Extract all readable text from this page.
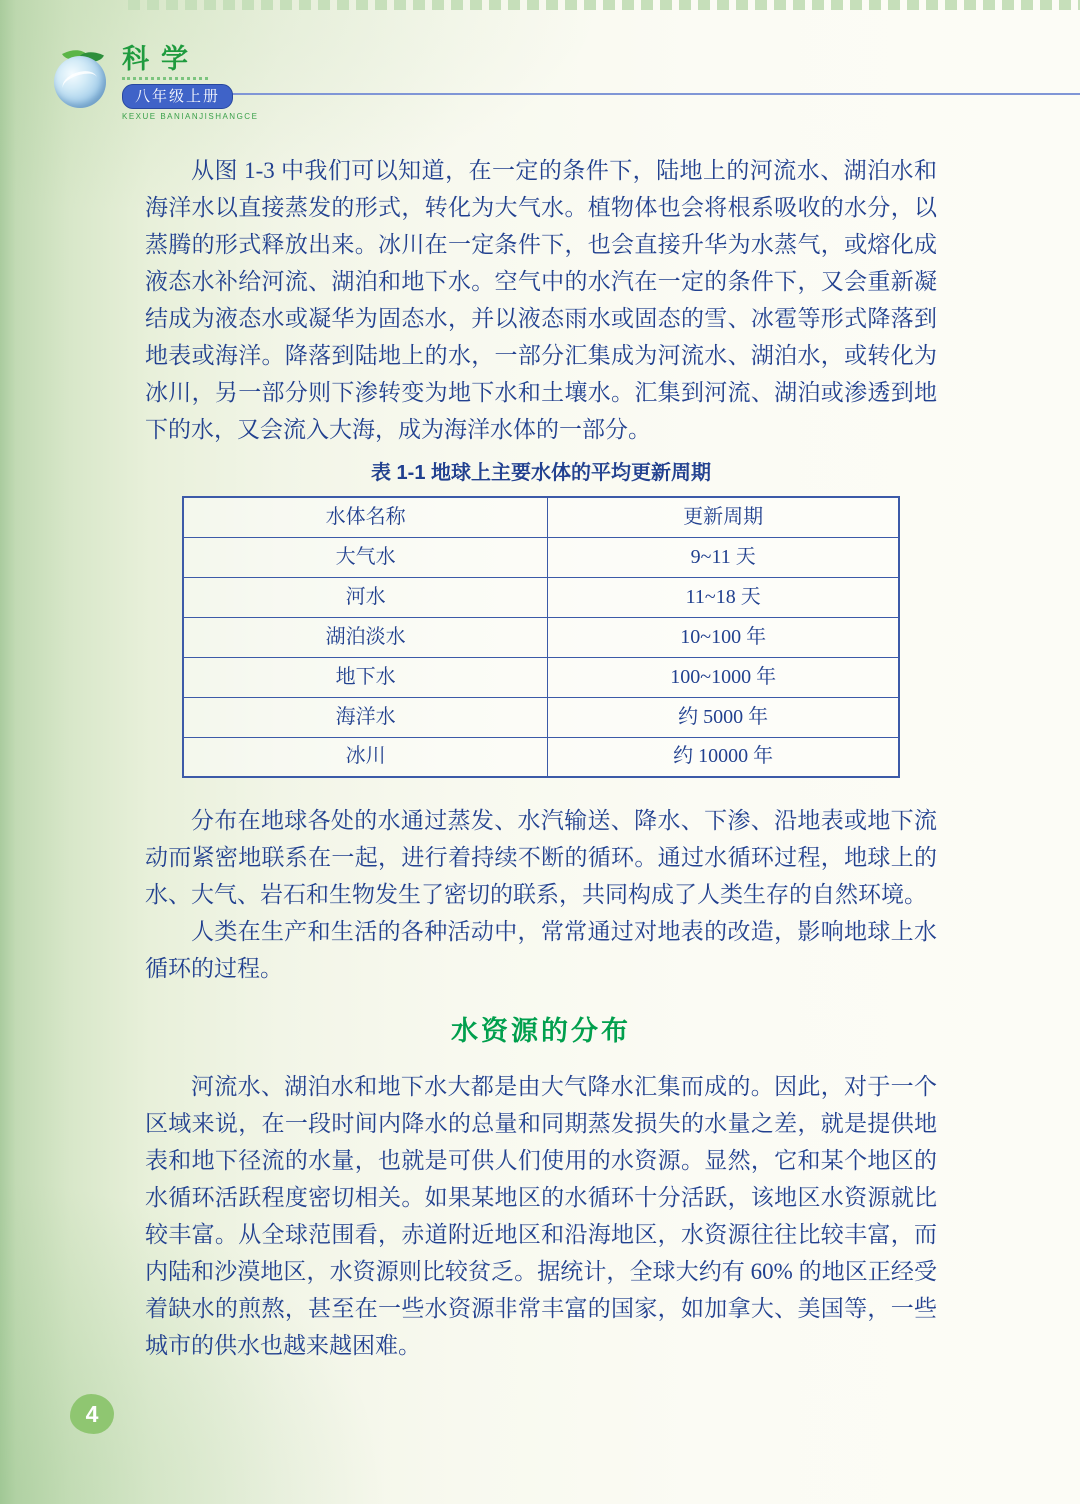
科学
八年级上册
KEXUE BANIANJISHANGCE

从图 1-3 中我们可以知道，在一定的条件下，陆地上的河流水、湖泊水和海洋水以直接蒸发的形式，转化为大气水。植物体也会将根系吸收的水分，以蒸腾的形式释放出来。冰川在一定条件下，也会直接升华为水蒸气，或熔化成液态水补给河流、湖泊和地下水。空气中的水汽在一定的条件下，又会重新凝结成为液态水或凝华为固态水，并以液态雨水或固态的雪、冰雹等形式降落到地表或海洋。降落到陆地上的水，一部分汇集成为河流水、湖泊水，或转化为冰川，另一部分则下渗转变为地下水和土壤水。汇集到河流、湖泊或渗透到地下的水，又会流入大海，成为海洋水体的一部分。

表 1-1 地球上主要水体的平均更新周期
水体名称	更新周期
大气水	9~11 天
河水	11~18 天
湖泊淡水	10~100 年
地下水	100~1000 年
海洋水	约 5000 年
冰川	约 10000 年

分布在地球各处的水通过蒸发、水汽输送、降水、下渗、沿地表或地下流动而紧密地联系在一起，进行着持续不断的循环。通过水循环过程，地球上的水、大气、岩石和生物发生了密切的联系，共同构成了人类生存的自然环境。

人类在生产和生活的各种活动中，常常通过对地表的改造，影响地球上水循环的过程。

水资源的分布

河流水、湖泊水和地下水大都是由大气降水汇集而成的。因此，对于一个区域来说，在一段时间内降水的总量和同期蒸发损失的水量之差，就是提供地表和地下径流的水量，也就是可供人们使用的水资源。显然，它和某个地区的水循环活跃程度密切相关。如果某地区的水循环十分活跃，该地区水资源就比较丰富。从全球范围看，赤道附近地区和沿海地区，水资源往往比较丰富，而内陆和沙漠地区，水资源则比较贫乏。据统计，全球大约有 60% 的地区正经受着缺水的煎熬，甚至在一些水资源非常丰富的国家，如加拿大、美国等，一些城市的供水也越来越困难。

4
